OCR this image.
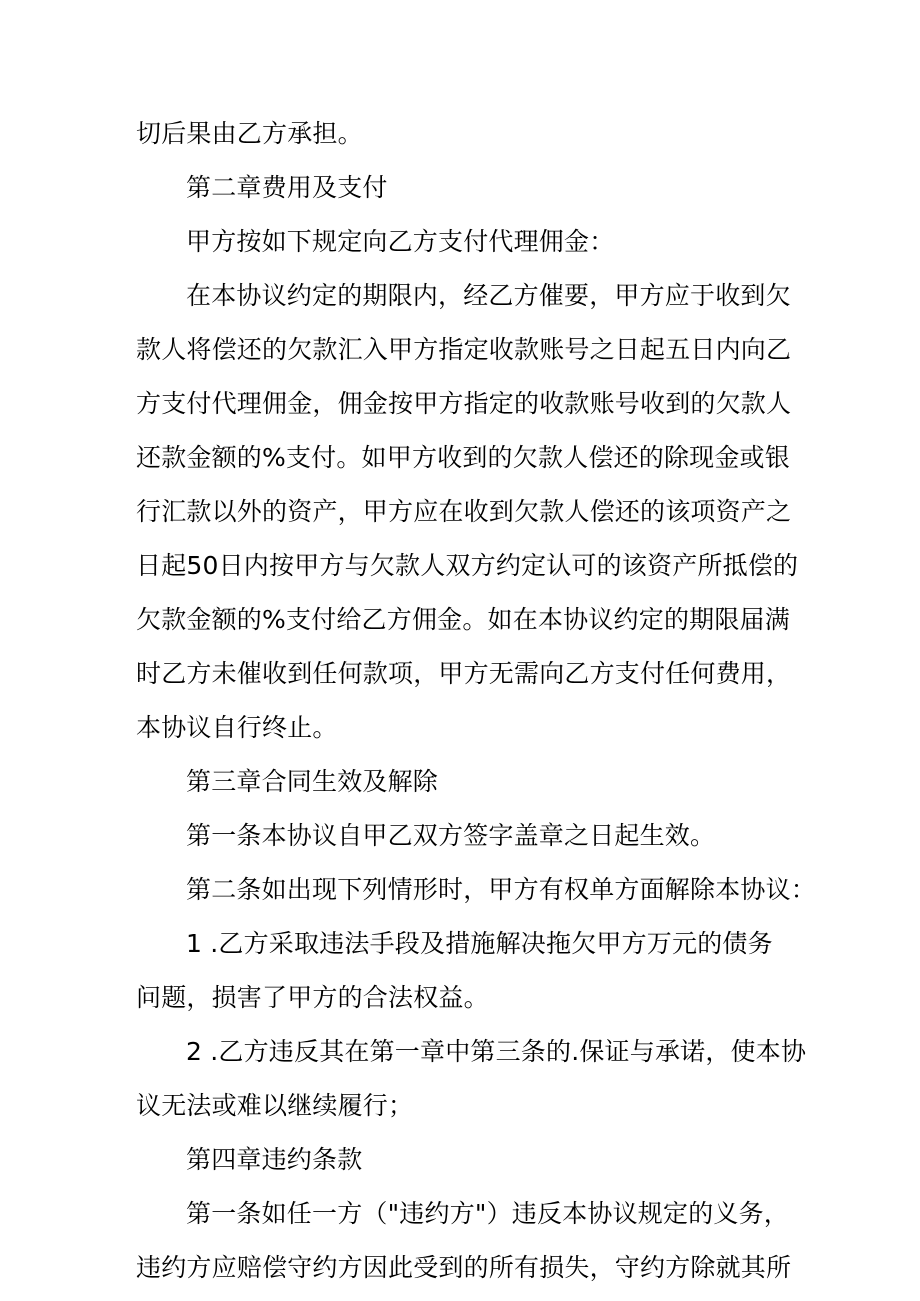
切后果由乙方承担。
第二章费用及支付
甲方按如下规定向乙方支付代理佣金：
在本协议约定的期限内，经乙方催要，甲方应于收到欠
款人将偿还的欠款汇入甲方指定收款账号之日起五日内向乙
方支付代理佣金，佣金按甲方指定的收款账号收到的欠款人
还款金额的%支付。如甲方收到的欠款人偿还的除现金或银
行汇款以外的资产，甲方应在收到欠款人偿还的该项资产之
日起50日内按甲方与欠款人双方约定认可的该资产所抵偿的
欠款金额的%支付给乙方佣金。如在本协议约定的期限届满
时乙方未催收到任何款项，甲方无需向乙方支付任何费用，
本协议自行终止。
第三章合同生效及解除
第一条本协议自甲乙双方签字盖章之日起生效。
第二条如出现下列情形时，甲方有权单方面解除本协议：
1 .乙方采取违法手段及措施解决拖欠甲方万元的债务
问题，损害了甲方的合法权益。
2 .乙方违反其在第一章中第三条的.保证与承诺，使本协
议无法或难以继续履行；
第四章违约条款
第一条如任一方（"违约方"）违反本协议规定的义务，
违约方应赔偿守约方因此受到的所有损失，守约方除就其所
